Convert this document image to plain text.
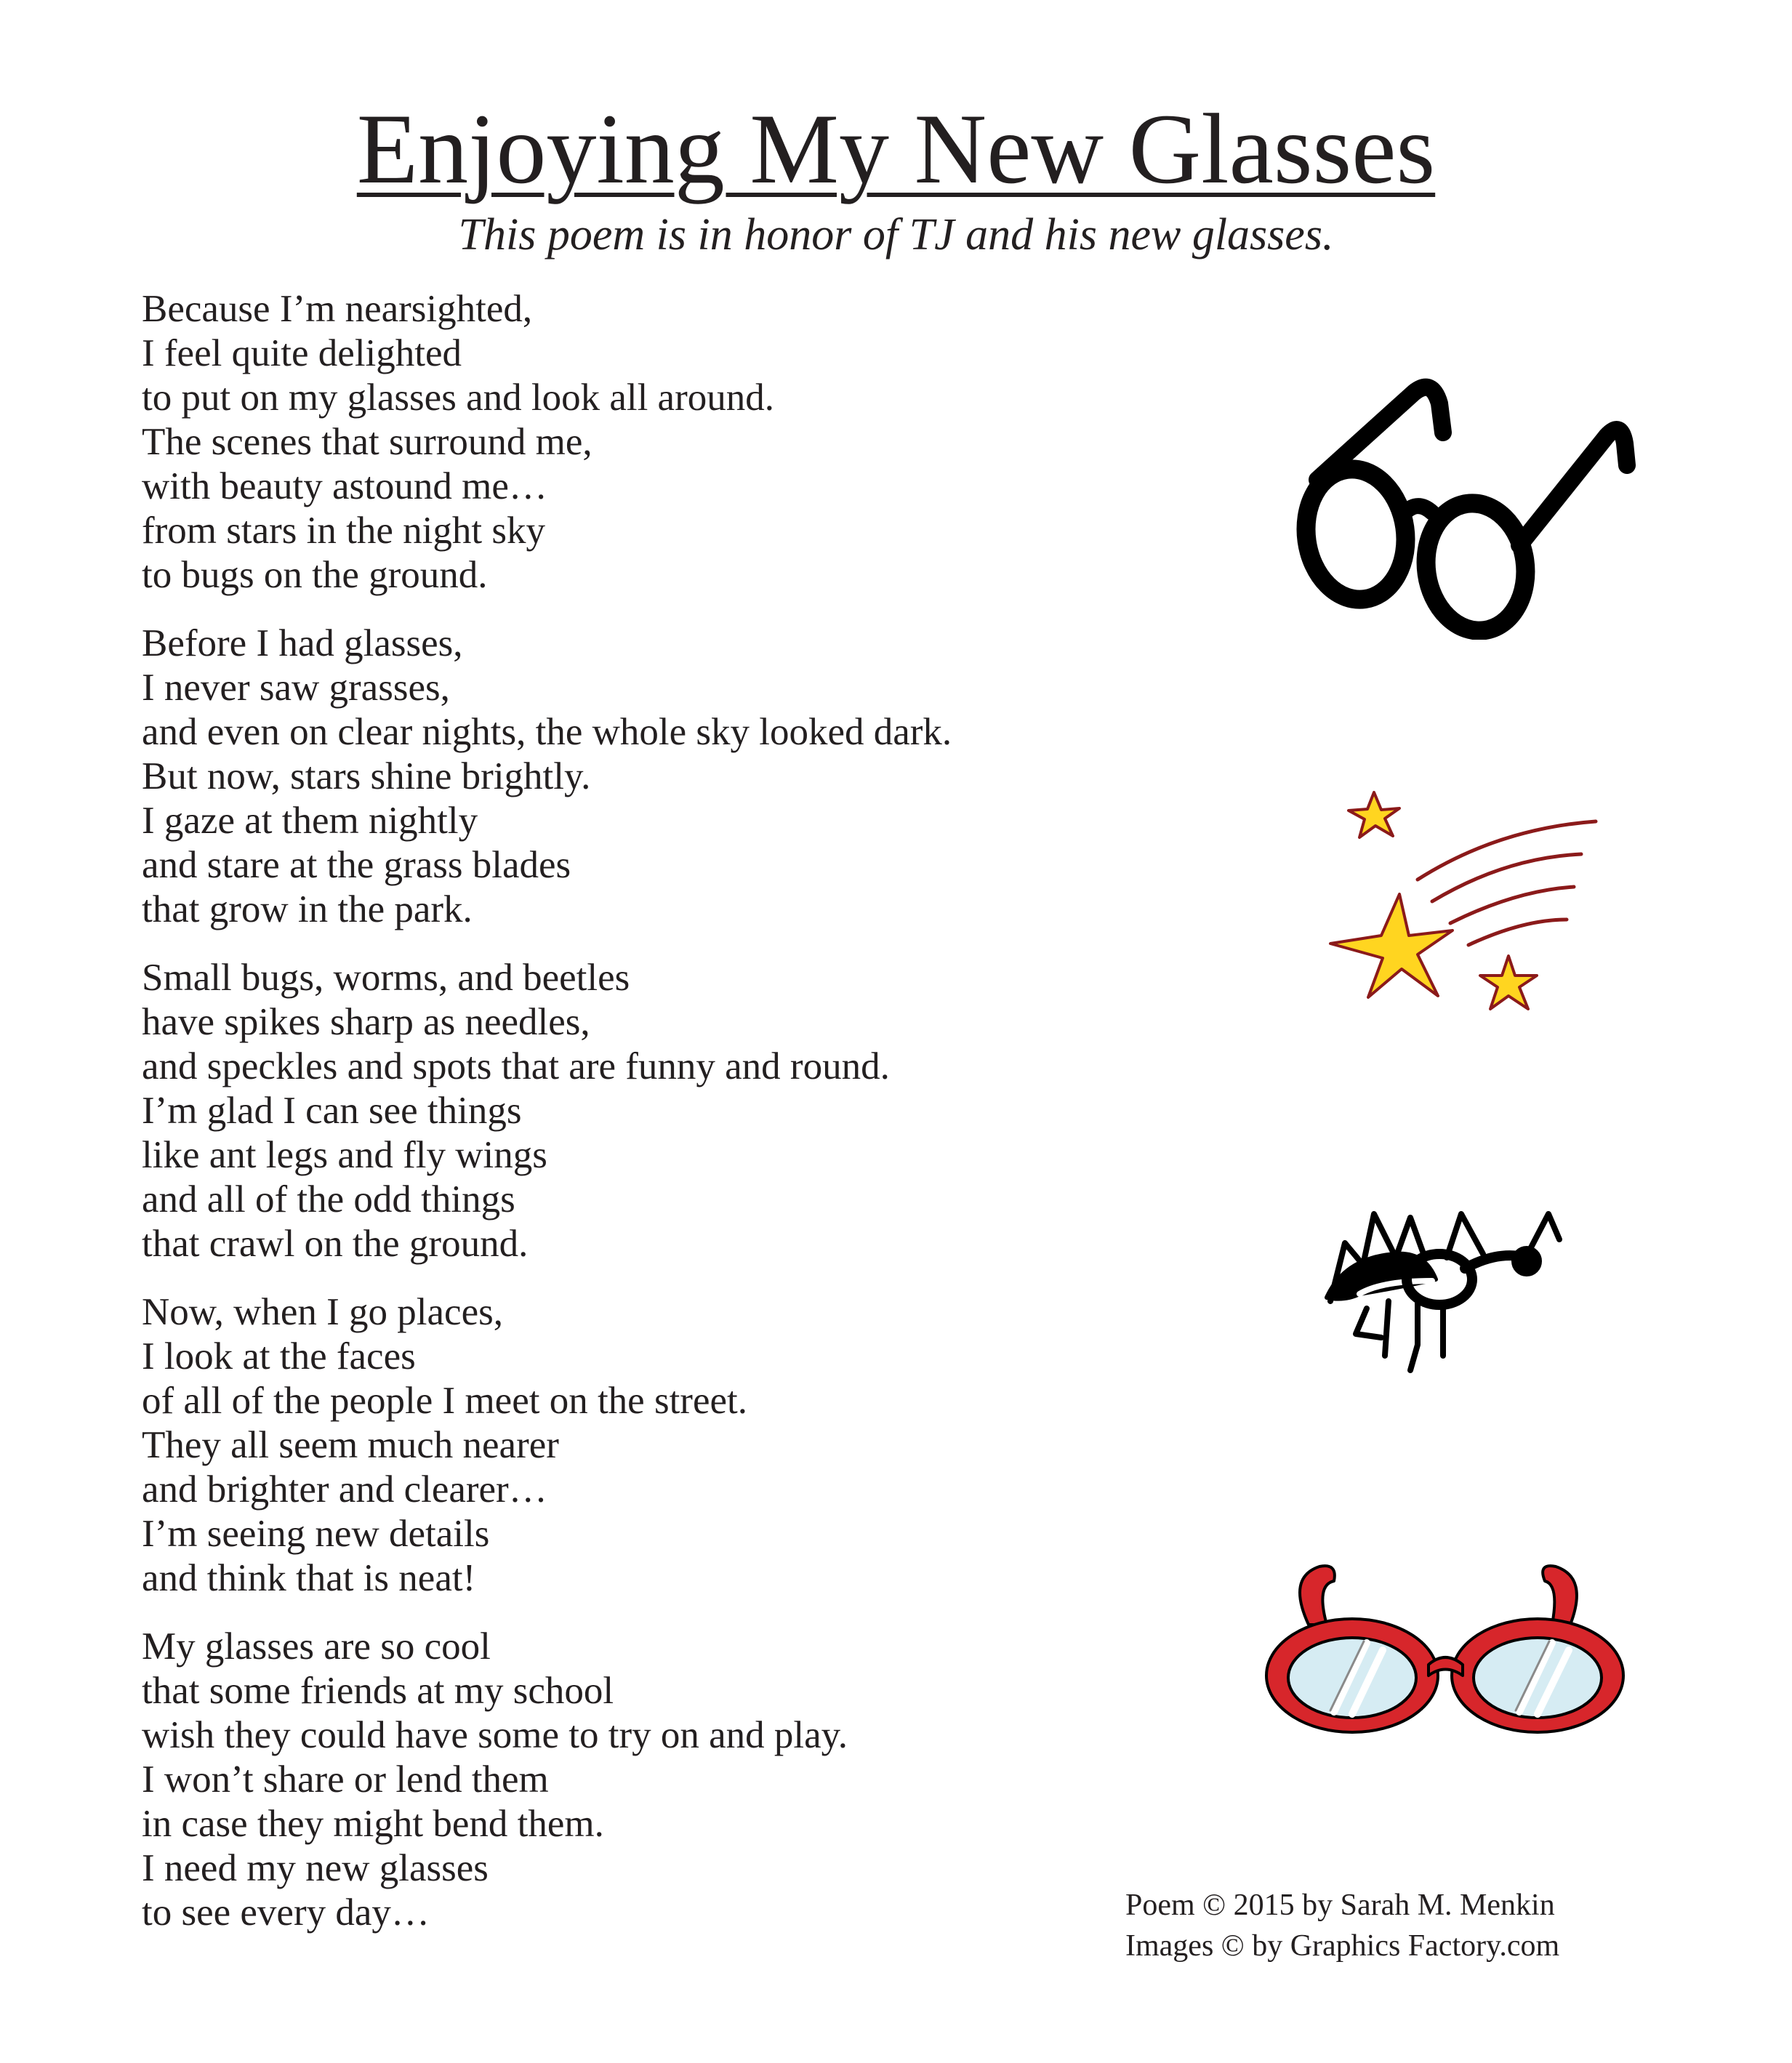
Enjoying My New Glasses
This poem is in honor of TJ and his new glasses.
Because I’m nearsighted,
I feel quite delighted
to put on my glasses and look all around.
The scenes that surround me,
with beauty astound me…
from stars in the night sky
to bugs on the ground.
Before I had glasses,
I never saw grasses,
and even on clear nights, the whole sky looked dark.
But now, stars shine brightly.
I gaze at them nightly
and stare at the grass blades
that grow in the park.
Small bugs, worms, and beetles
have spikes sharp as needles,
and speckles and spots that are funny and round.
I’m glad I can see things
like ant legs and fly wings
and all of the odd things
that crawl on the ground.
Now, when I go places,
I look at the faces
of all of the people I meet on the street.
They all seem much nearer
and brighter and clearer…
I’m seeing new details
and think that is neat!
My glasses are so cool
that some friends at my school
wish they could have some to try on and play.
I won’t share or lend them
in case they might bend them.
I need my new glasses
to see every day…	Poem © 2015 by Sarah M. Menkin
Images © by Graphics Factory.com
